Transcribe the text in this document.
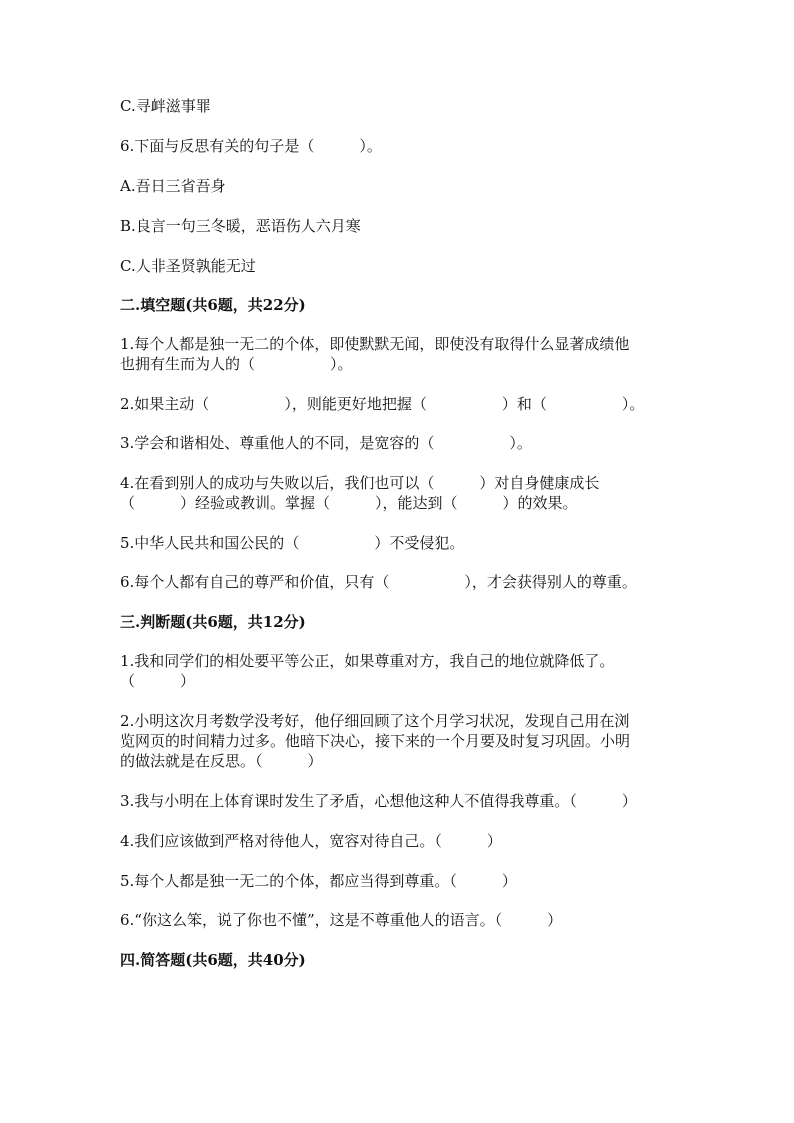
C.寻衅滋事罪
6.下面与反思有关的句子是（　　　）。
A.吾日三省吾身
B.良言一句三冬暖，恶语伤人六月寒
C.人非圣贤孰能无过
二.填空题(共6题，共22分)
1.每个人都是独一无二的个体，即使默默无闻，即使没有取得什么显著成绩他
也拥有生而为人的（　　　　　）。
2.如果主动（　　　　　），则能更好地把握（　　　　　）和（　　　　　）。
3.学会和谐相处、尊重他人的不同，是宽容的（　　　　　）。
4.在看到别人的成功与失败以后，我们也可以（　　　）对自身健康成长
（　　　）经验或教训。掌握（　　　），能达到（　　　）的效果。
5.中华人民共和国公民的（　　　　　）不受侵犯。
6.每个人都有自己的尊严和价值，只有（　　　　　），才会获得别人的尊重。
三.判断题(共6题，共12分)
1.我和同学们的相处要平等公正，如果尊重对方，我自己的地位就降低了。
（　　　）
2.小明这次月考数学没考好，他仔细回顾了这个月学习状况，发现自己用在浏
览网页的时间精力过多。他暗下决心，接下来的一个月要及时复习巩固。小明
的做法就是在反思。（　　　）
3.我与小明在上体育课时发生了矛盾，心想他这种人不值得我尊重。（　　　）
4.我们应该做到严格对待他人，宽容对待自己。（　　　）
5.每个人都是独一无二的个体，都应当得到尊重。（　　　）
6.“你这么笨，说了你也不懂”，这是不尊重他人的语言。（　　　）
四.简答题(共6题，共40分)
